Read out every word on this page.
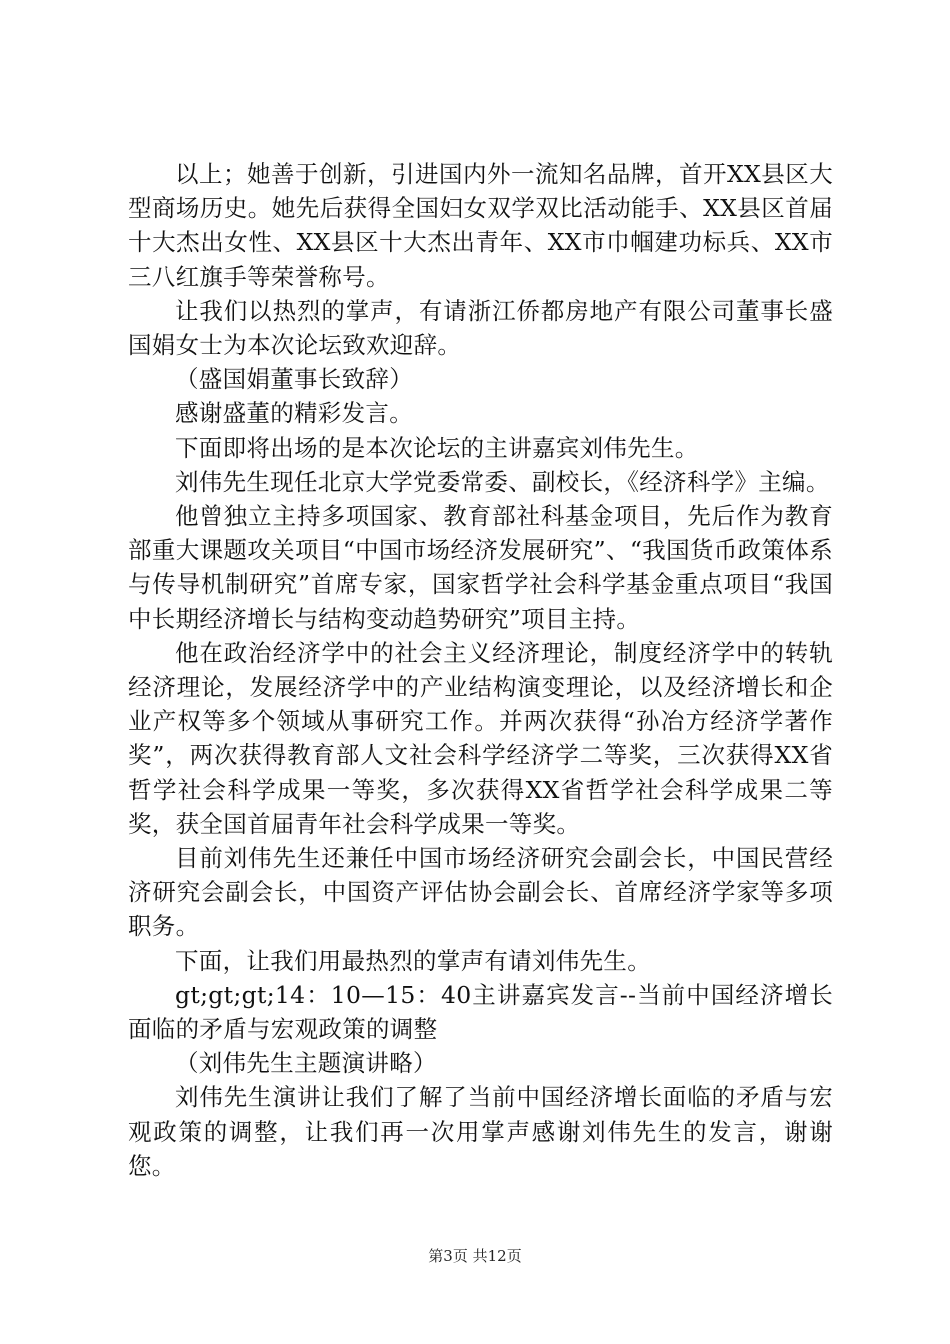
以上；她善于创新，引进国内外一流知名品牌，首开XX县区大型商场历史。她先后获得全国妇女双学双比活动能手、XX县区首届十大杰出女性、XX县区十大杰出青年、XX市巾帼建功标兵、XX市三八红旗手等荣誉称号。

让我们以热烈的掌声，有请浙江侨都房地产有限公司董事长盛国娟女士为本次论坛致欢迎辞。

（盛国娟董事长致辞）

感谢盛董的精彩发言。

下面即将出场的是本次论坛的主讲嘉宾刘伟先生。

刘伟先生现任北京大学党委常委、副校长，《经济科学》主编。

他曾独立主持多项国家、教育部社科基金项目，先后作为教育部重大课题攻关项目“中国市场经济发展研究”、“我国货币政策体系与传导机制研究”首席专家，国家哲学社会科学基金重点项目“我国中长期经济增长与结构变动趋势研究”项目主持。

他在政治经济学中的社会主义经济理论，制度经济学中的转轨经济理论，发展经济学中的产业结构演变理论，以及经济增长和企业产权等多个领域从事研究工作。并两次获得“孙冶方经济学著作奖”，两次获得教育部人文社会科学经济学二等奖，三次获得XX省哲学社会科学成果一等奖，多次获得XX省哲学社会科学成果二等奖，获全国首届青年社会科学成果一等奖。

目前刘伟先生还兼任中国市场经济研究会副会长，中国民营经济研究会副会长，中国资产评估协会副会长、首席经济学家等多项职务。

下面，让我们用最热烈的掌声有请刘伟先生。

gt;gt;gt;14：10—15：40主讲嘉宾发言--当前中国经济增长面临的矛盾与宏观政策的调整

（刘伟先生主题演讲略）

刘伟先生演讲让我们了解了当前中国经济增长面临的矛盾与宏观政策的调整，让我们再一次用掌声感谢刘伟先生的发言，谢谢您。

第3页 共12页
